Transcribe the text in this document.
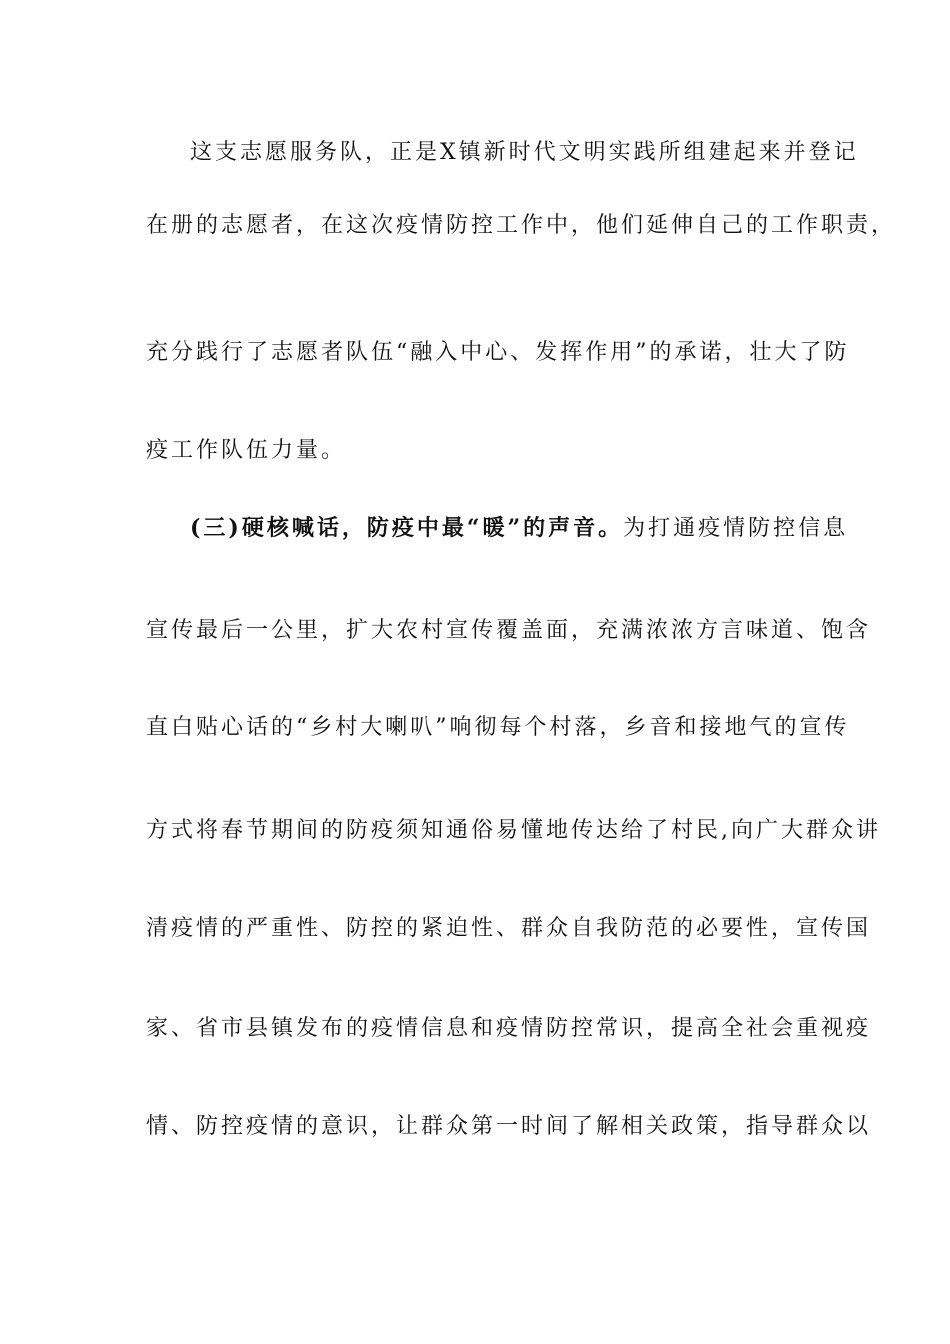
这支志愿服务队，正是X镇新时代文明实践所组建起来并登记
在册的志愿者，在这次疫情防控工作中，他们延伸自己的工作职责，
充分践行了志愿者队伍“融入中心、发挥作用”的承诺，壮大了防
疫工作队伍力量。
(三)硬核喊话，防疫中最“暖”的声音。为打通疫情防控信息
宣传最后一公里，扩大农村宣传覆盖面，充满浓浓方言味道、饱含
直白贴心话的“乡村大喇叭”响彻每个村落，乡音和接地气的宣传
方式将春节期间的防疫须知通俗易懂地传达给了村民,向广大群众讲
清疫情的严重性、防控的紧迫性、群众自我防范的必要性，宣传国
家、省市县镇发布的疫情信息和疫情防控常识，提高全社会重视疫
情、防控疫情的意识，让群众第一时间了解相关政策，指导群众以
